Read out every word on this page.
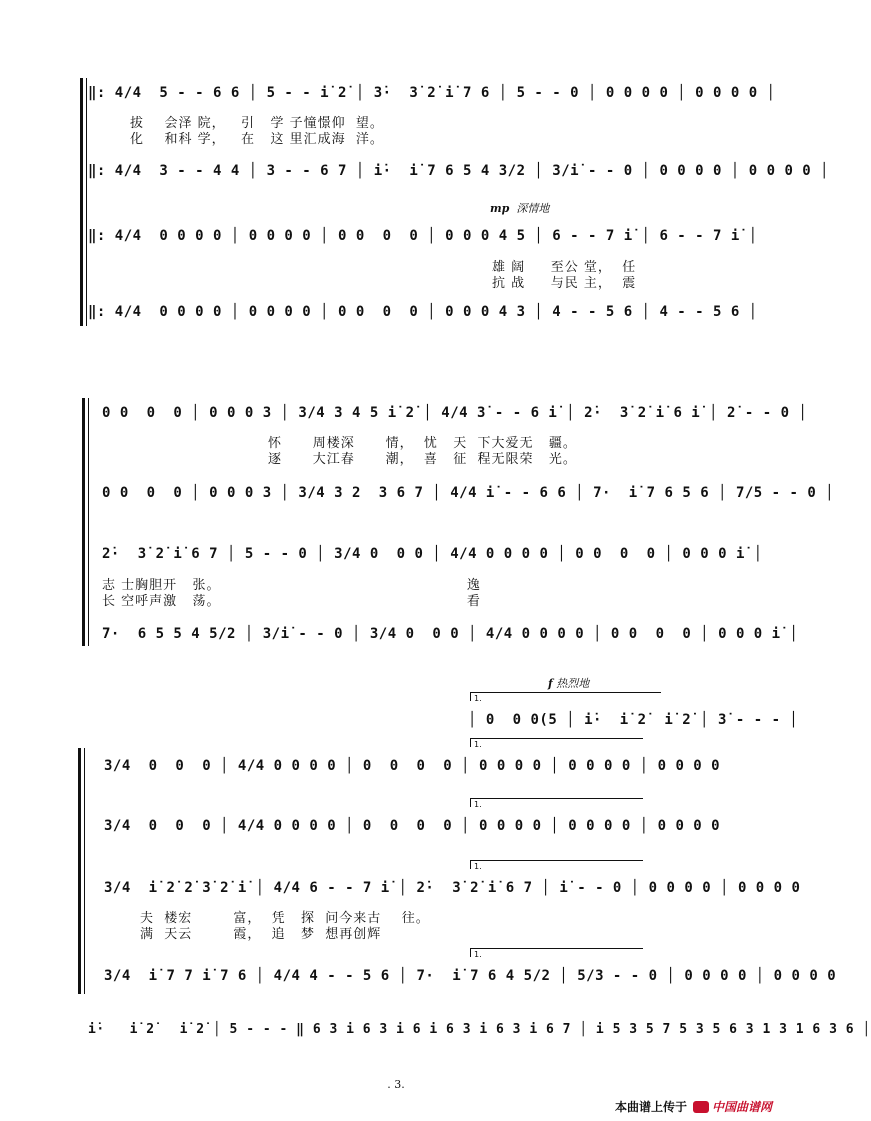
‖: 4/4  5 ‑ ‑ 6 6 │ 5 ‑ ‑ i̇ 2̇ │ 3̇·  3̇ 2̇ i̇ 7 6 │ 5 ‑ ‑ 0 │ 0 0 0 0 │ 0 0 0 0 │
拔    会泽 院，   引   学 子憧憬仰  望。
化    和科 学，   在   这 里汇成海  洋。
‖: 4/4  3 ‑ ‑ 4 4 │ 3 ‑ ‑ 6 7 │ i̇·  i̇ 7 6 5 4 3/2 │ 3/i̇ ‑ ‑ 0 │ 0 0 0 0 │ 0 0 0 0 │
mp 深情地
‖: 4/4  0 0 0 0 │ 0 0 0 0 │ 0 0  0  0 │ 0 0 0 4 5 │ 6 ‑ ‑ 7 i̇ │ 6 ‑ ‑ 7 i̇ │
雄 阔     至公 堂，  任
抗 战     与民 主，  震
‖: 4/4  0 0 0 0 │ 0 0 0 0 │ 0 0  0  0 │ 0 0 0 4 3 │ 4 ‑ ‑ 5 6 │ 4 ‑ ‑ 5 6 │
0 0  0  0 │ 0 0 0 3 │ 3/4 3 4 5 i̇ 2̇ │ 4/4 3̇ ‑ ‑ 6 i̇ │ 2̇·  3̇ 2̇ i̇ 6 i̇ │ 2̇ ‑ ‑ 0 │
怀      周楼深      情，  忧   天  下大爱无   疆。
逐      大江春      潮，  喜   征  程无限荣   光。
0 0  0  0 │ 0 0 0 3 │ 3/4 3 2  3 6 7 │ 4/4 i̇ ‑ ‑ 6 6 │ 7·  i̇ 7 6 5 6 │ 7/5 ‑ ‑ 0 │
2̇·  3̇ 2̇ i̇ 6 7 │ 5 ‑ ‑ 0 │ 3/4 0  0 0 │ 4/4 0 0 0 0 │ 0 0  0  0 │ 0 0 0 i̇ │
志 士胸胆开   张。                                                逸
长 空呼声激   荡。                                                看
7·  6 5 5 4 5/2 │ 3/i̇ ‑ ‑ 0 │ 3/4 0  0 0 │ 4/4 0 0 0 0 │ 0 0  0  0 │ 0 0 0 i̇ │
f 热烈地
1.
│ 0  0 0(5 │ i̇·  i̇ 2̇  i̇ 2̇ │ 3̇ ‑ ‑ ‑ │
1.
3/4  0  0  0 │ 4/4 0 0 0 0 │ 0  0  0  0 │ 0 0 0 0 │ 0 0 0 0 │ 0 0 0 0
1.
3/4  0  0  0 │ 4/4 0 0 0 0 │ 0  0  0  0 │ 0 0 0 0 │ 0 0 0 0 │ 0 0 0 0
1.
3/4  i̇ 2̇ 2̇ 3̇ 2̇ i̇ │ 4/4 6 ‑ ‑ 7 i̇ │ 2̇·  3̇ 2̇ i̇ 6 7 │ i̇ ‑ ‑ 0 │ 0 0 0 0 │ 0 0 0 0
夫  楼宏        富，  凭   探  问今来古    往。
满  天云        霞，  追   梦  想再创辉
1.
3/4  i̇ 7 7 i̇ 7 6 │ 4/4 4 ‑ ‑ 5 6 │ 7·  i̇ 7 6 4 5/2 │ 5/3 ‑ ‑ 0 │ 0 0 0 0 │ 0 0 0 0
i̇·   i̇ 2̇   i̇ 2̇ │ 5 ‑ ‑ ‑ ‖ 6 3 i 6 3 i 6 i 6 3 i 6 3 i 6 7 │ i 5 3 5 7 5 3 5 6 3 1 3 1 6 3 6 │
. 3.
本曲谱上传于 中国曲谱网
